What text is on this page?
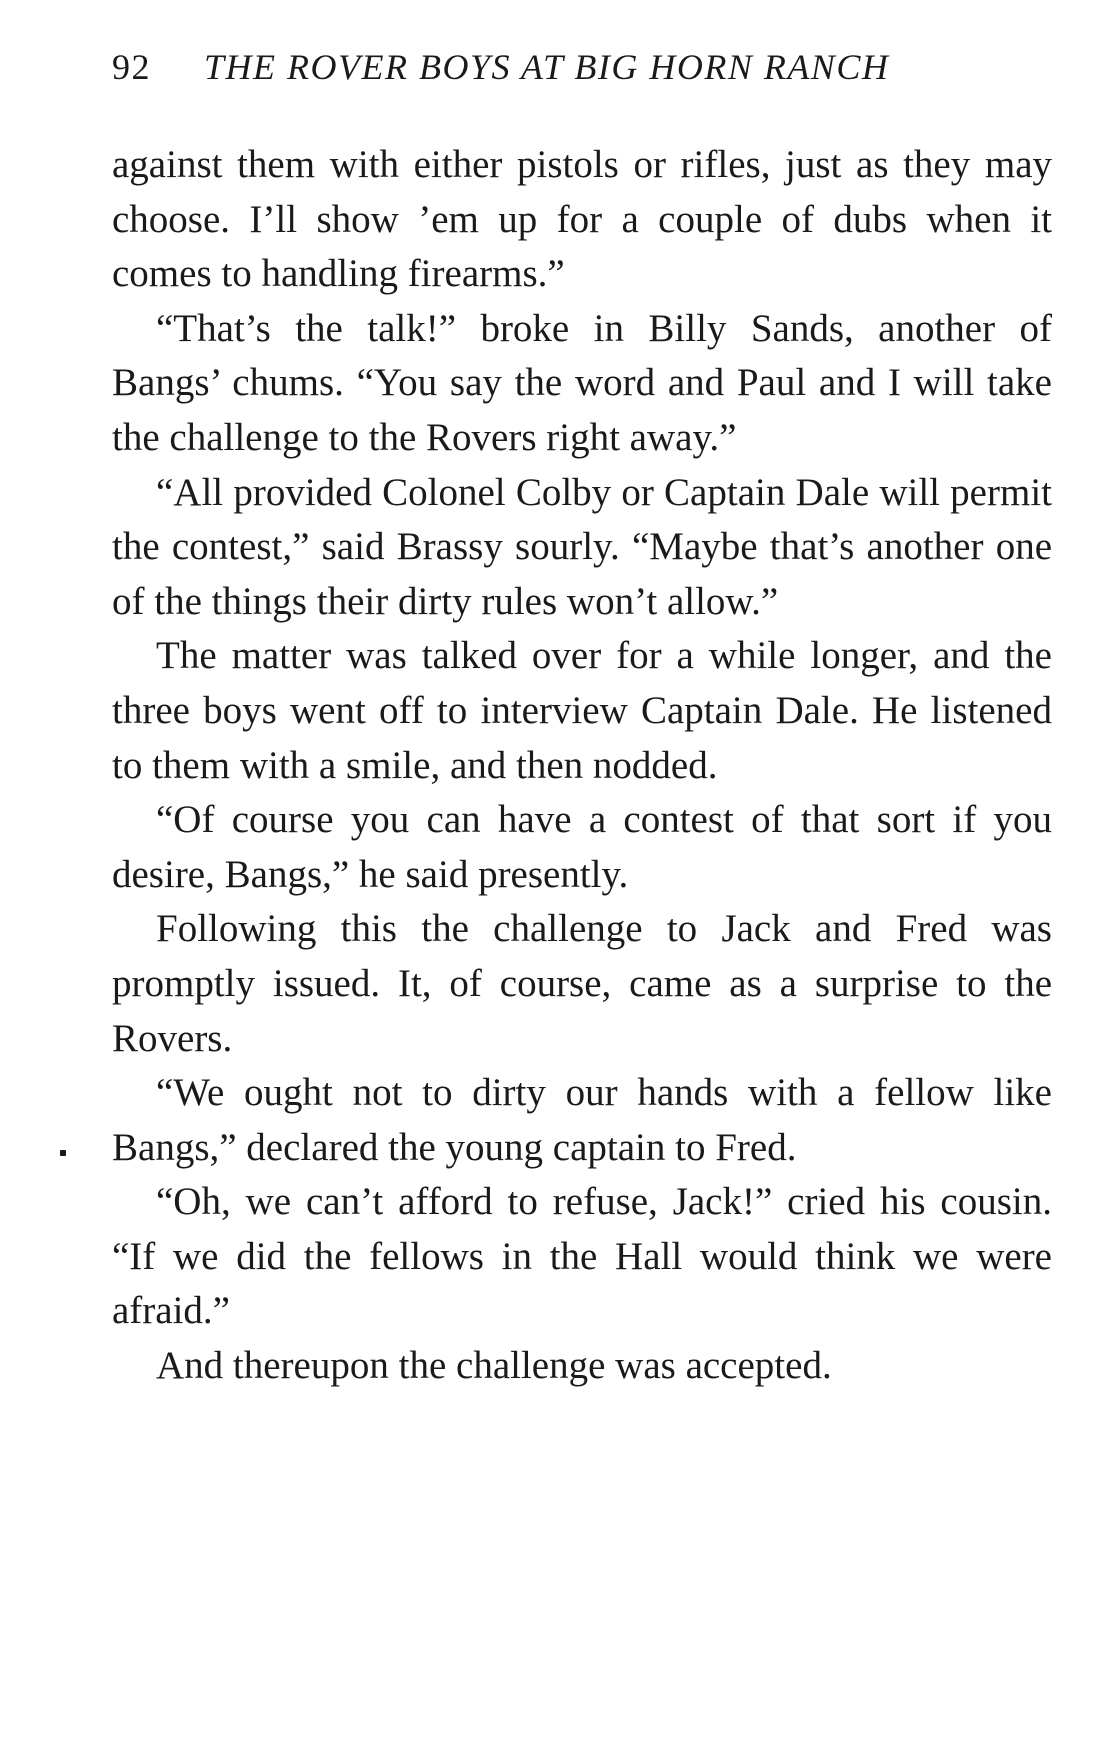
92 THE ROVER BOYS AT BIG HORN RANCH

against them with either pistols or rifles, just as they may choose. I’ll show ’em up for a couple of dubs when it comes to handling firearms.”

“That’s the talk!” broke in Billy Sands, another of Bangs’ chums. “You say the word and Paul and I will take the challenge to the Rovers right away.”

“All provided Colonel Colby or Captain Dale will permit the contest,” said Brassy sourly. “Maybe that’s another one of the things their dirty rules won’t allow.”

The matter was talked over for a while longer, and the three boys went off to interview Captain Dale. He listened to them with a smile, and then nodded.

“Of course you can have a contest of that sort if you desire, Bangs,” he said presently.

Following this the challenge to Jack and Fred was promptly issued. It, of course, came as a surprise to the Rovers.

“We ought not to dirty our hands with a fellow like Bangs,” declared the young captain to Fred.

“Oh, we can’t afford to refuse, Jack!” cried his cousin. “If we did the fellows in the Hall would think we were afraid.”

And thereupon the challenge was accepted.
